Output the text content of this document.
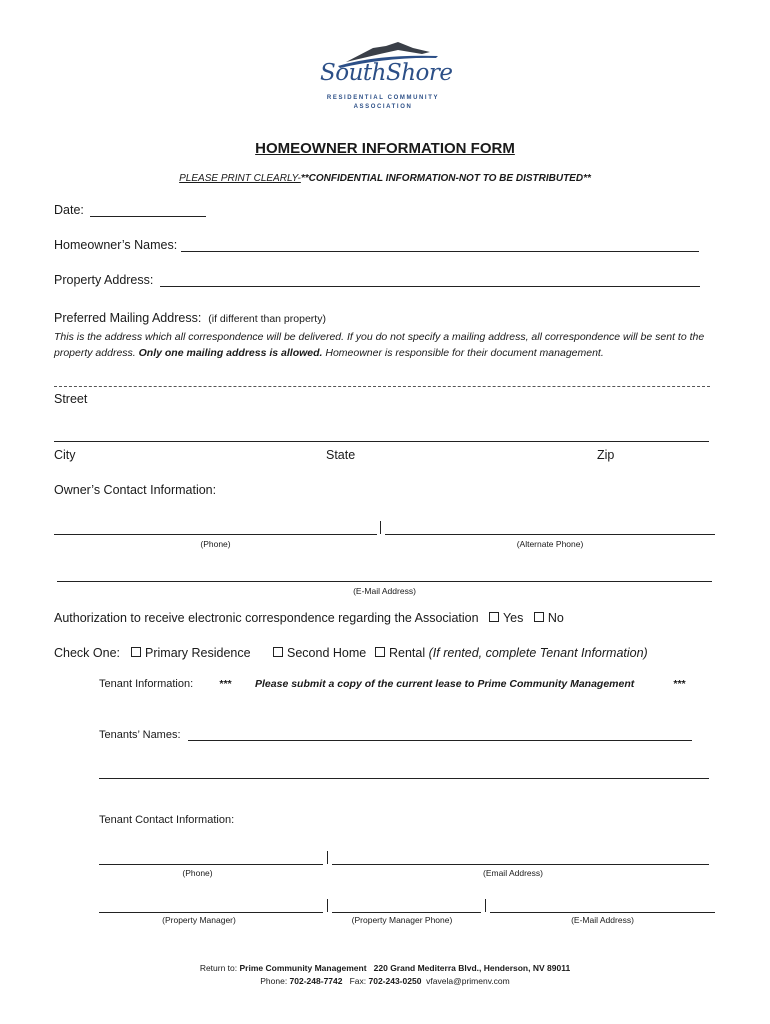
SouthShore
RESIDENTIAL COMMUNITY
ASSOCIATION
HOMEOWNER INFORMATION FORM
PLEASE PRINT CLEARLY-**CONFIDENTIAL INFORMATION-NOT TO BE DISTRIBUTED**
Date:
Homeowner’s Names:
Property Address:
Preferred Mailing Address: (if different than property)
This is the address which all correspondence will be delivered. If you do not specify a mailing address, all correspondence will be sent to the property address. Only one mailing address is allowed. Homeowner is responsible for their document management.
Street
City	State	Zip
Owner’s Contact Information:
(Phone)	(Alternate Phone)
(E-Mail Address)
Authorization to receive electronic correspondence regarding the Association Yes No
Check One:	Primary Residence	Second Home	Rental (If rented, complete Tenant Information)
Tenant Information: *** Please submit a copy of the current lease to Prime Community Management	***
Tenants’ Names:
Tenant Contact Information:
(Phone)	(Email Address)
(Property Manager)	(Property Manager Phone)	(E-Mail Address)
Return to: Prime Community Management 220 Grand Mediterra Blvd., Henderson, NV 89011
Phone: 702-248-7742 Fax: 702-243-0250 vfavela@primenv.com
